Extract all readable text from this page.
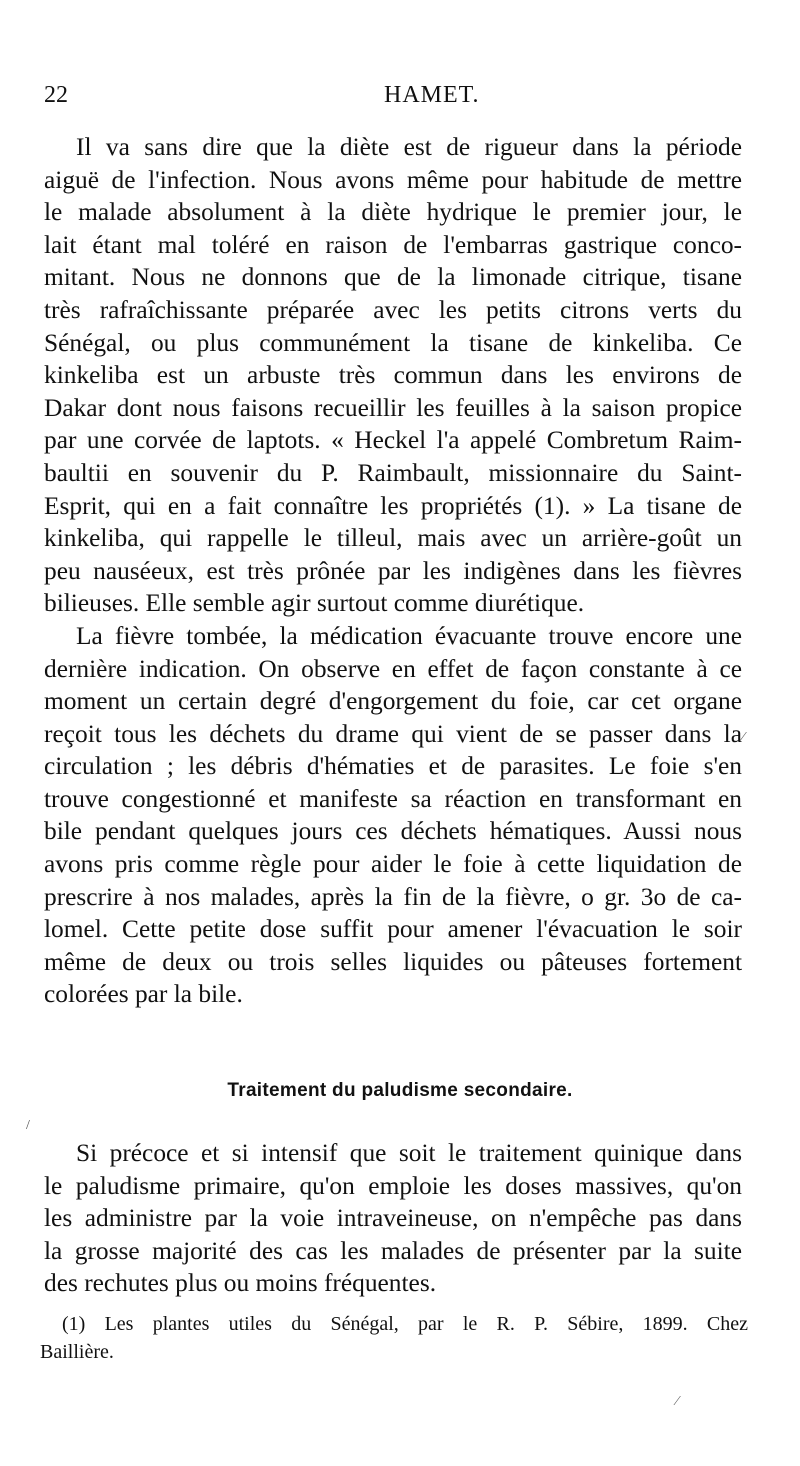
22	HAMET.
Il va sans dire que la diète est de rigueur dans la période
aiguë de l'infection. Nous avons même pour habitude de mettre
le malade absolument à la diète hydrique le premier jour, le
lait étant mal toléré en raison de l'embarras gastrique conco-
mitant. Nous ne donnons que de la limonade citrique, tisane
très rafraîchissante préparée avec les petits citrons verts du
Sénégal, ou plus communément la tisane de kinkeliba. Ce
kinkeliba est un arbuste très commun dans les environs de
Dakar dont nous faisons recueillir les feuilles à la saison propice
par une corvée de laptots. « Heckel l'a appelé Combretum Raim-
baultii en souvenir du P. Raimbault, missionnaire du Saint-
Esprit, qui en a fait connaître les propriétés (1). » La tisane de
kinkeliba, qui rappelle le tilleul, mais avec un arrière-goût un
peu nauséeux, est très prônée par les indigènes dans les fièvres
bilieuses. Elle semble agir surtout comme diurétique.
La fièvre tombée, la médication évacuante trouve encore une
dernière indication. On observe en effet de façon constante à ce
moment un certain degré d'engorgement du foie, car cet organe
reçoit tous les déchets du drame qui vient de se passer dans la
circulation ; les débris d'hématies et de parasites. Le foie s'en
trouve congestionné et manifeste sa réaction en transformant en
bile pendant quelques jours ces déchets hématiques. Aussi nous
avons pris comme règle pour aider le foie à cette liquidation de
prescrire à nos malades, après la fin de la fièvre, o gr. 3o de ca-
lomel. Cette petite dose suffit pour amener l'évacuation le soir
même de deux ou trois selles liquides ou pâteuses fortement
colorées par la bile.
Traitement du paludisme secondaire.
Si précoce et si intensif que soit le traitement quinique dans
le paludisme primaire, qu'on emploie les doses massives, qu'on
les administre par la voie intraveineuse, on n'empêche pas dans
la grosse majorité des cas les malades de présenter par la suite
des rechutes plus ou moins fréquentes.
(1) Les plantes utiles du Sénégal, par le R. P. Sébire, 1899. Chez
Baillière.
⁄
/
⁄
